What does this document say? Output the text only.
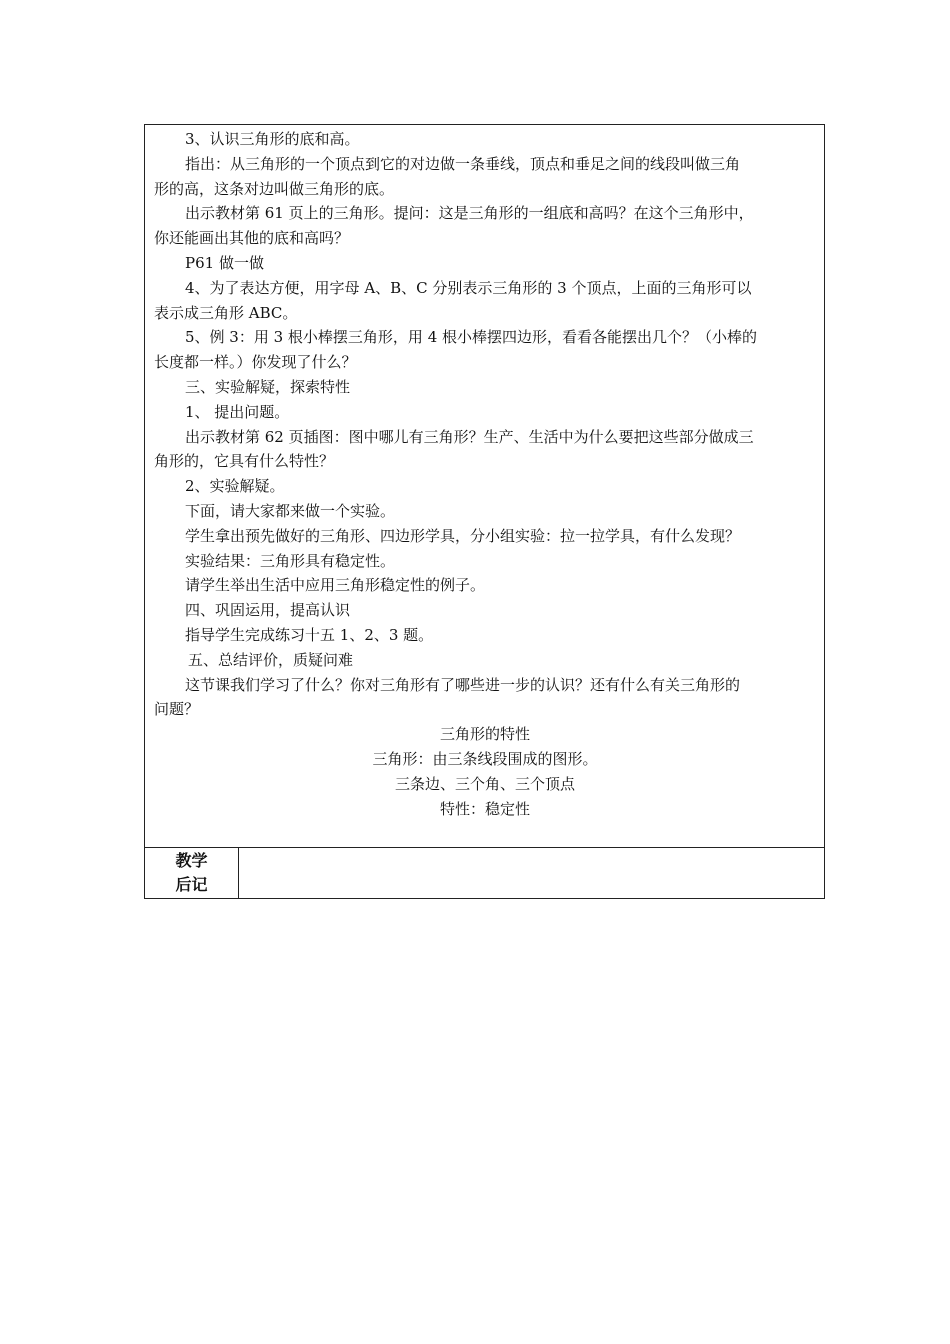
3、认识三角形的底和高。
指出：从三角形的一个顶点到它的对边做一条垂线，顶点和垂足之间的线段叫做三角
形的高，这条对边叫做三角形的底。
出示教材第 61 页上的三角形。提问：这是三角形的一组底和高吗？在这个三角形中，
你还能画出其他的底和高吗？
P61 做一做
4、为了表达方便，用字母 A、B、C 分别表示三角形的 3 个顶点，上面的三角形可以
表示成三角形 ABC。
5、例 3：用 3 根小棒摆三角形，用 4 根小棒摆四边形，看看各能摆出几个？（小棒的
长度都一样。）你发现了什么？
三、实验解疑，探索特性
1、 提出问题。
出示教材第 62 页插图：图中哪儿有三角形？生产、生活中为什么要把这些部分做成三
角形的，它具有什么特性？
2、实验解疑。
下面，请大家都来做一个实验。
学生拿出预先做好的三角形、四边形学具，分小组实验：拉一拉学具，有什么发现？
实验结果：三角形具有稳定性。
请学生举出生活中应用三角形稳定性的例子。
四、巩固运用，提高认识
指导学生完成练习十五 1、2、3 题。
五、总结评价，质疑问难
这节课我们学习了什么？你对三角形有了哪些进一步的认识？还有什么有关三角形的
问题？
三角形的特性
三角形：由三条线段围成的图形。
三条边、三个角、三个顶点
特性：稳定性
教学
后记
